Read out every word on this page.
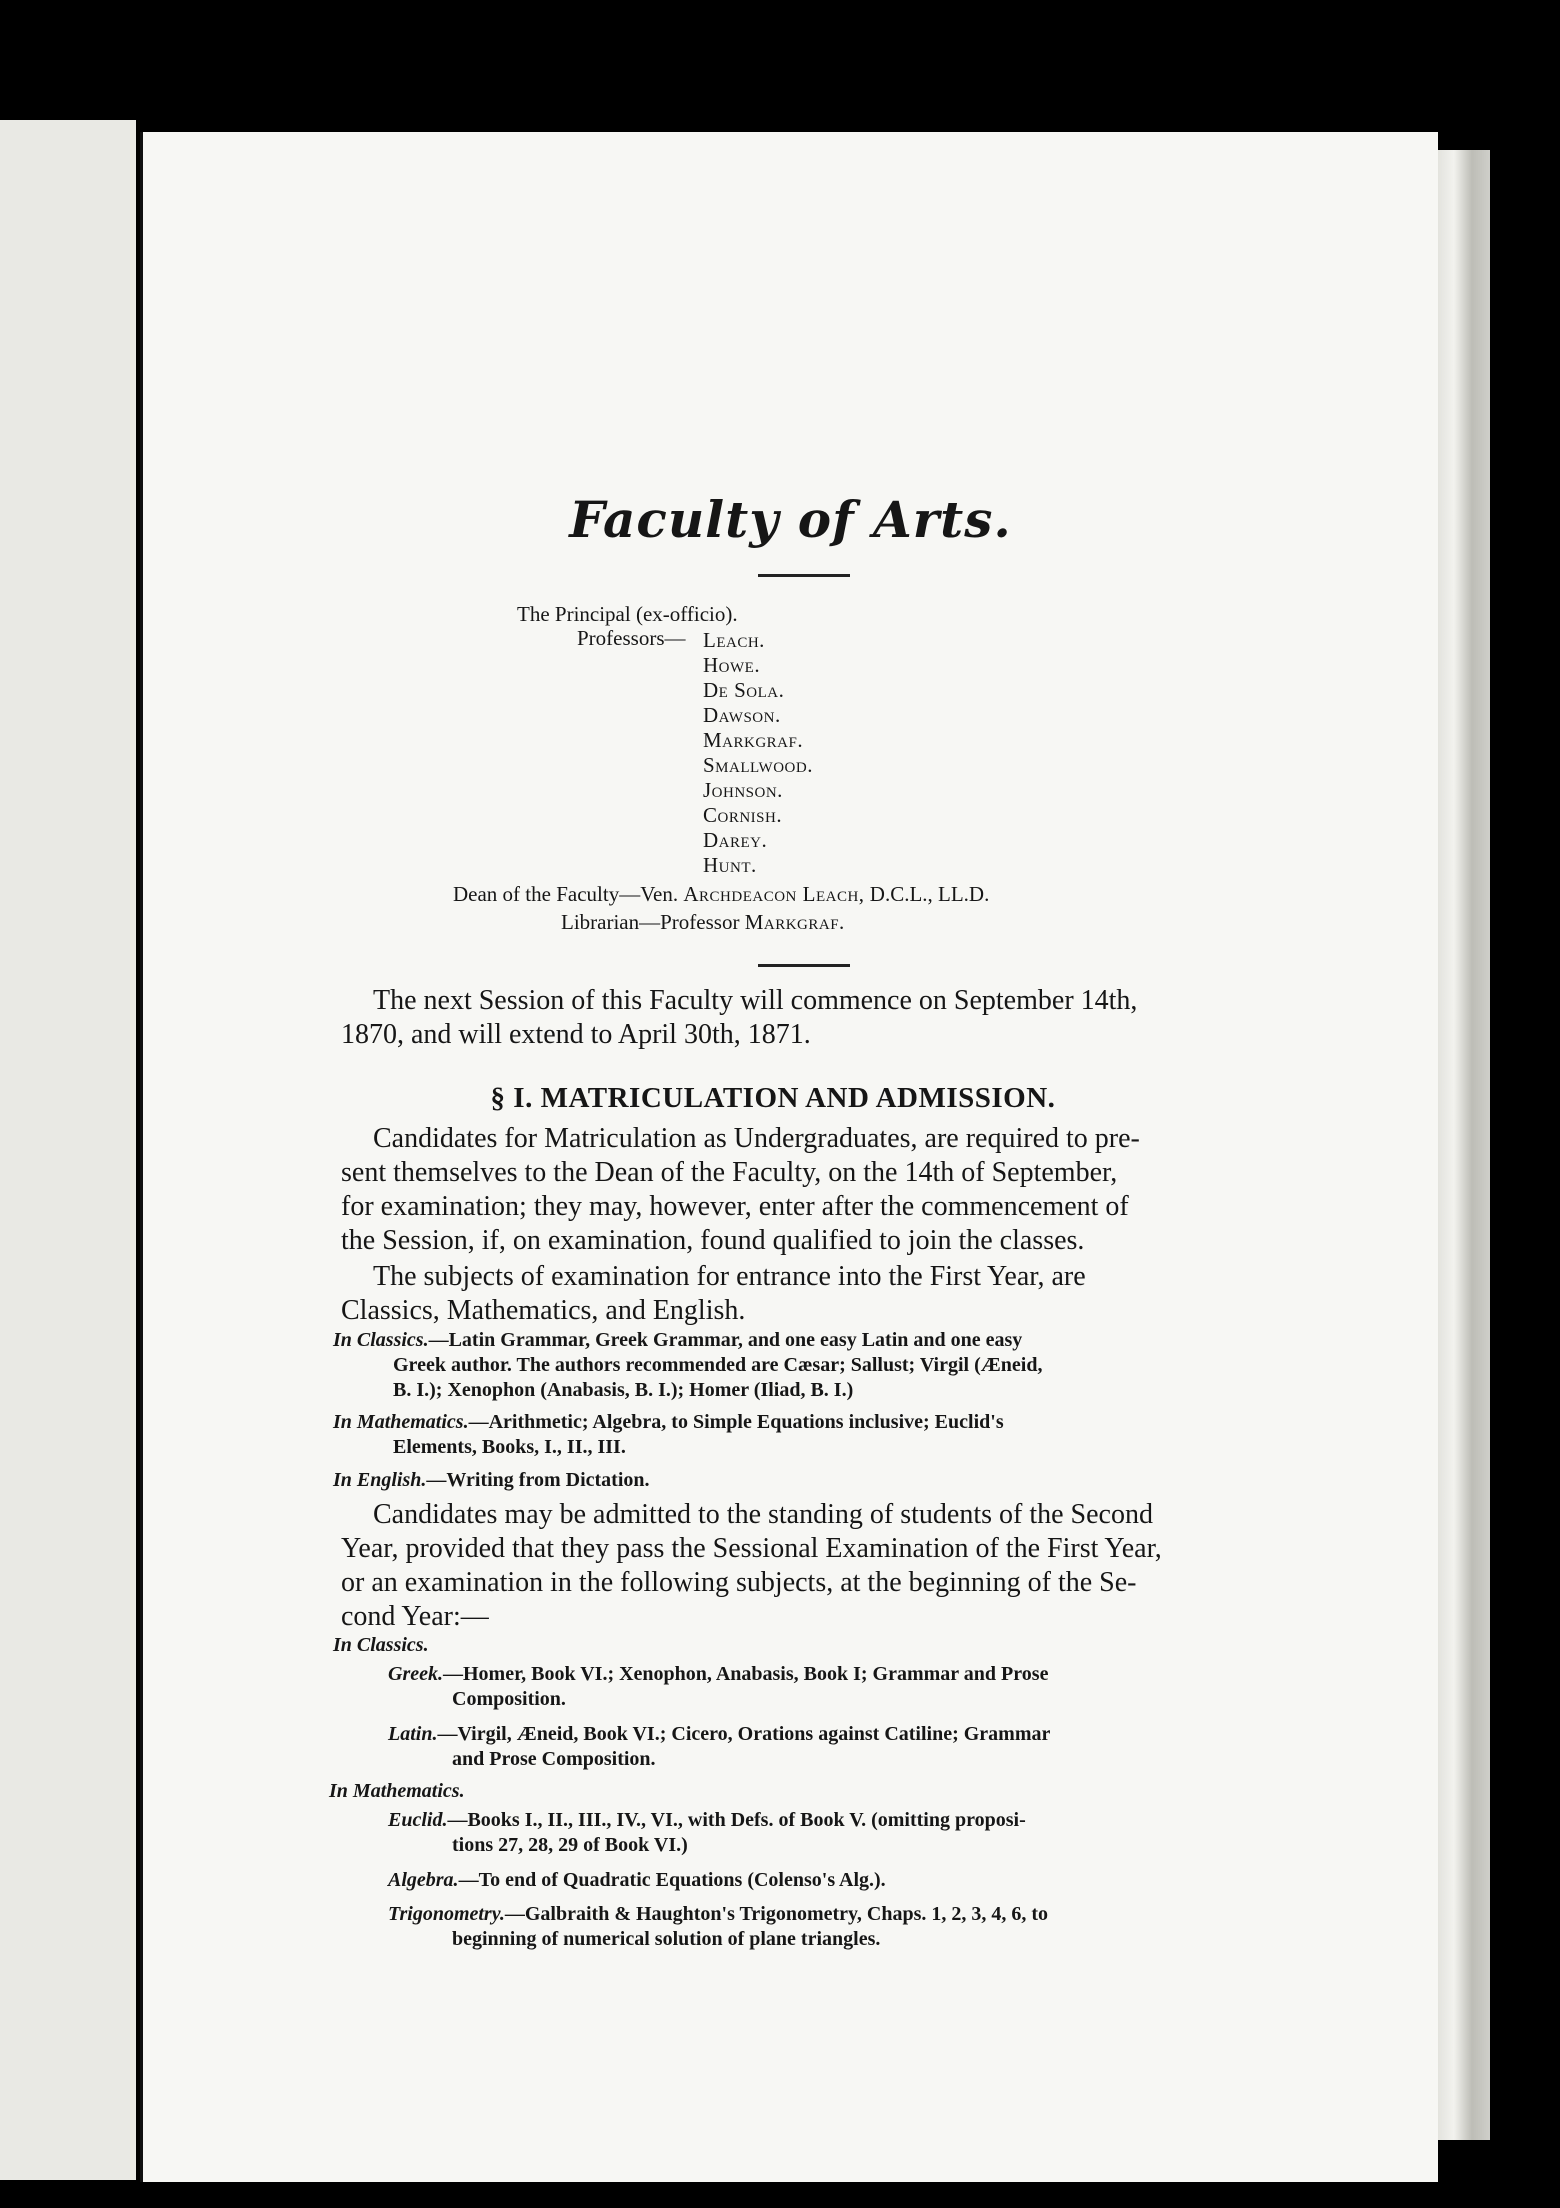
Faculty of Arts.
The Principal (ex-officio).
Professors— Leach.
Howe.
De Sola.
Dawson.
Markgraf.
Smallwood.
Johnson.
Cornish.
Darey.
Hunt.
Dean of the Faculty—Ven. Archdeacon Leach, D.C.L., LL.D.
Librarian—Professor Markgraf.
The next Session of this Faculty will commence on September 14th,
1870, and will extend to April 30th, 1871.
§ I. MATRICULATION AND ADMISSION.
Candidates for Matriculation as Undergraduates, are required to pre-
sent themselves to the Dean of the Faculty, on the 14th of September,
for examination; they may, however, enter after the commencement of
the Session, if, on examination, found qualified to join the classes.
The subjects of examination for entrance into the First Year, are
Classics, Mathematics, and English.
In Classics.—Latin Grammar, Greek Grammar, and one easy Latin and one easy
Greek author. The authors recommended are Cæsar; Sallust; Virgil (Æneid,
B. I.); Xenophon (Anabasis, B. I.); Homer (Iliad, B. I.)
In Mathematics.—Arithmetic; Algebra, to Simple Equations inclusive; Euclid's
Elements, Books, I., II., III.
In English.—Writing from Dictation.
Candidates may be admitted to the standing of students of the Second
Year, provided that they pass the Sessional Examination of the First Year,
or an examination in the following subjects, at the beginning of the Se-
cond Year:—
In Classics.
Greek.—Homer, Book VI.; Xenophon, Anabasis, Book I; Grammar and Prose
Composition.
Latin.—Virgil, Æneid, Book VI.; Cicero, Orations against Catiline; Grammar
and Prose Composition.
In Mathematics.
Euclid.—Books I., II., III., IV., VI., with Defs. of Book V. (omitting proposi-
tions 27, 28, 29 of Book VI.)
Algebra.—To end of Quadratic Equations (Colenso's Alg.).
Trigonometry.—Galbraith & Haughton's Trigonometry, Chaps. 1, 2, 3, 4, 6, to
beginning of numerical solution of plane triangles.
